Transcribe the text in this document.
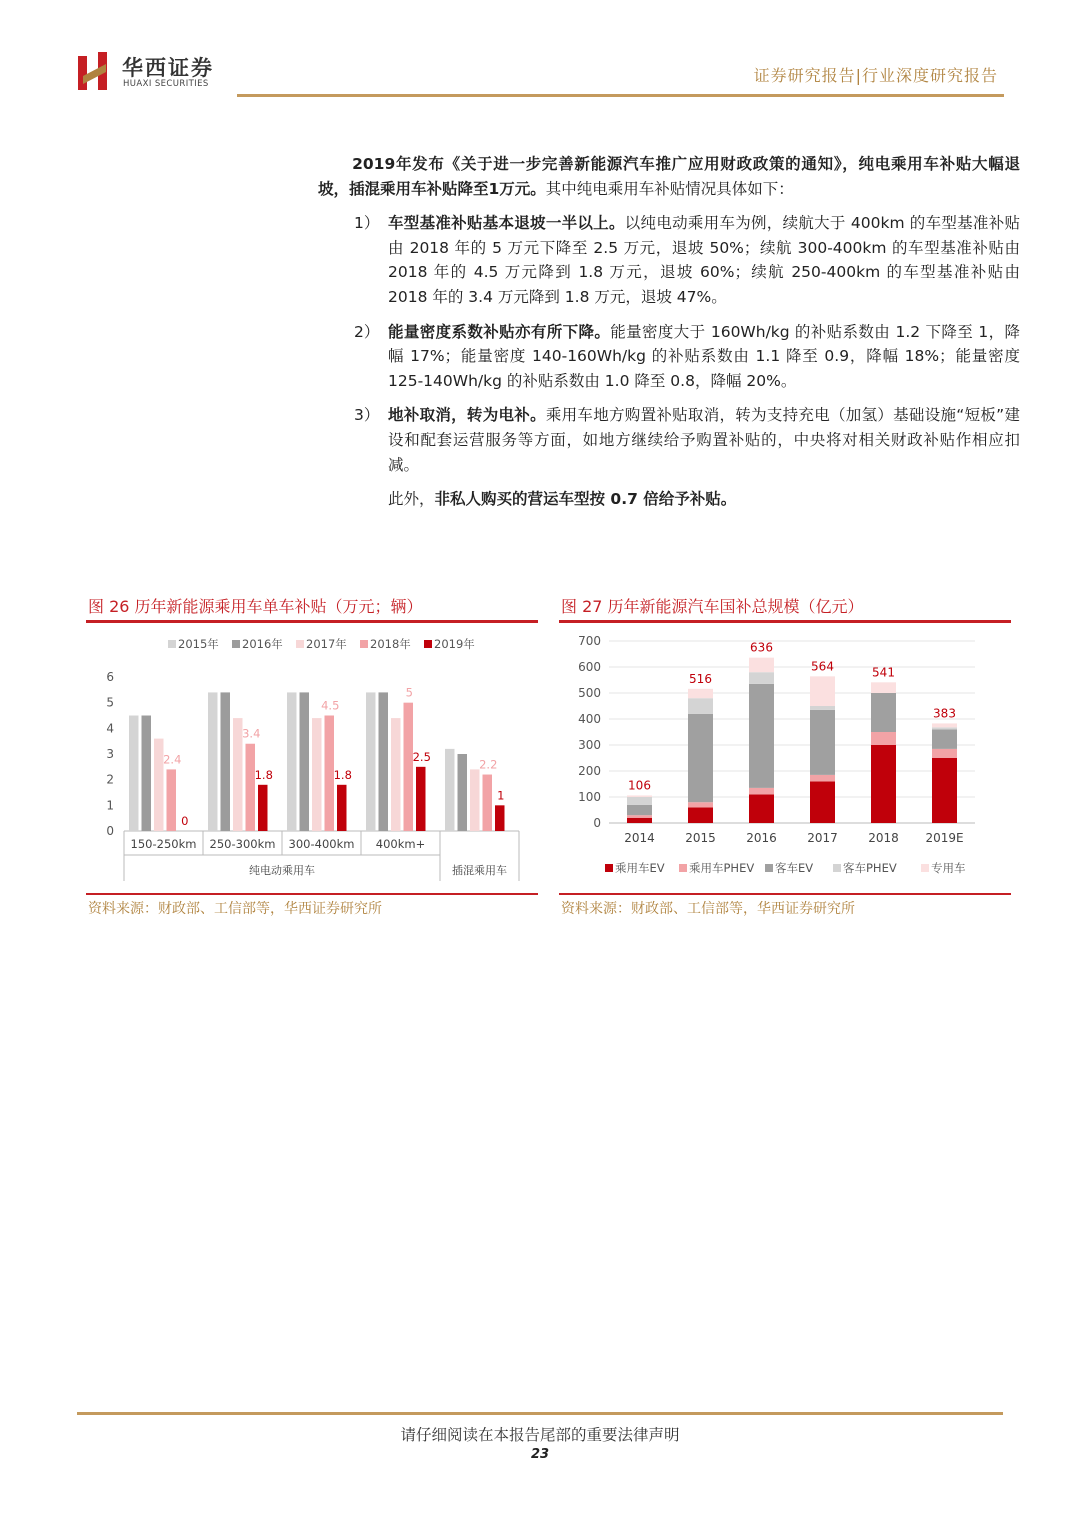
华西证券
HUAXI SECURITIES	证券研究报告|行业深度研究报告

2019年发布《关于进一步完善新能源汽车推广应用财政政策的通知》，纯电乘用车补贴大幅退坡，插混乘用车补贴降至1万元。其中纯电乘用车补贴情况具体如下：

1） 车型基准补贴基本退坡一半以上。以纯电动乘用车为例，续航大于 400km 的车型基准补贴由 2018 年的 5 万元下降至 2.5 万元，退坡 50%；续航 300-400km 的车型基准补贴由 2018 年的 4.5 万元降到 1.8 万元，退坡 60%；续航 250-400km 的车型基准补贴由 2018 年的 3.4 万元降到 1.8 万元，退坡 47%。
2） 能量密度系数补贴亦有所下降。能量密度大于 160Wh/kg 的补贴系数由 1.2 下降至 1，降幅 17%；能量密度 140-160Wh/kg 的补贴系数由 1.1 降至 0.9，降幅 18%；能量密度 125-140Wh/kg 的补贴系数由 1.0 降至 0.8，降幅 20%。
3） 地补取消，转为电补。乘用车地方购置补贴取消，转为支持充电（加氢）基础设施“短板”建设和配套运营服务等方面，如地方继续给予购置补贴的，中央将对相关财政补贴作相应扣减。

此外，非私人购买的营运车型按 0.7 倍给予补贴。

图 26 历年新能源乘用车单车补贴（万元；辆）
2015年 2016年 2017年 2018年 2019年
0
1
2
3
4
5
6
150-250km 250-300km 300-400km 400km+
纯电动乘用车	插混乘用车
2.4
0
3.4
1.8
4.5
1.8
5
2.5
2.2
1
资料来源：财政部、工信部等，华西证券研究所
图 27 历年新能源汽车国补总规模（亿元）
0
100
200
300
400
500
600
700
106
2014
516
2015
636
2016
564
2017
541
2018
383
2019E
乘用车EV 乘用车PHEV 客车EV	客车PHEV	专用车
资料来源：财政部、工信部等，华西证券研究所
请仔细阅读在本报告尾部的重要法律声明
23
